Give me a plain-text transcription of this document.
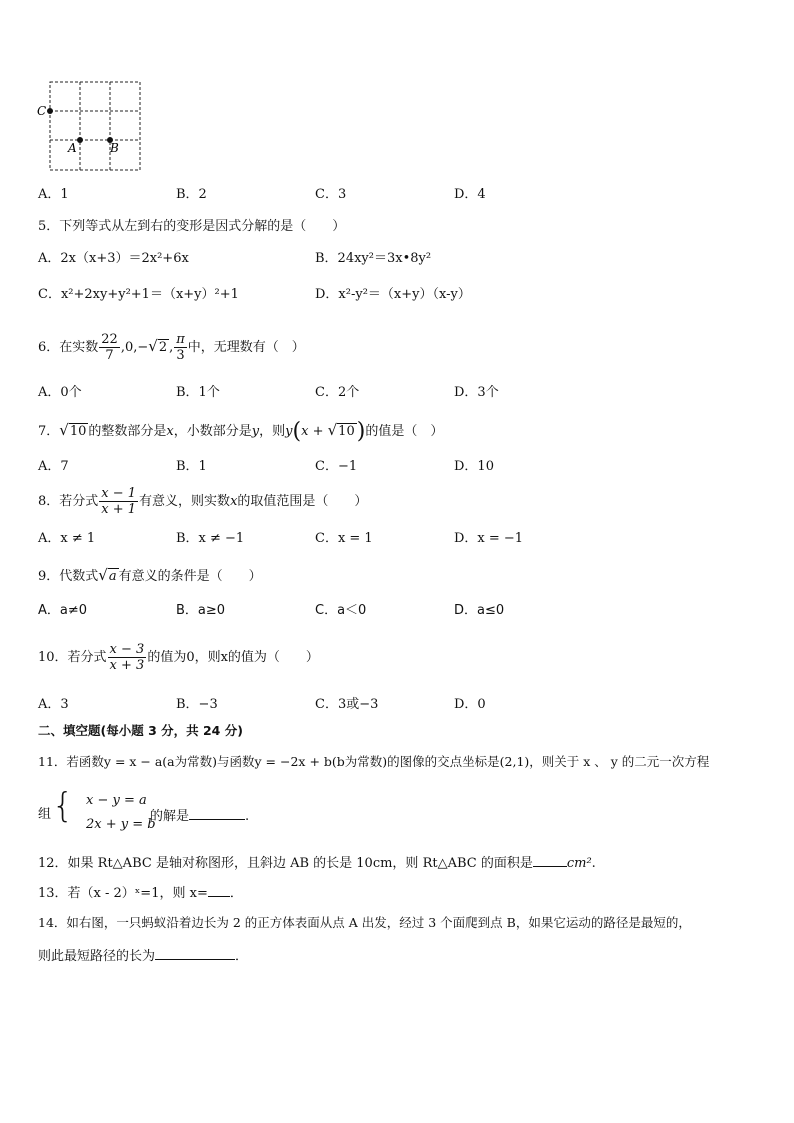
C
A	B
A．1	B．2	C．3	D．4
5．下列等式从左到右的变形是因式分解的是（　　）
A．2x（x+3）＝2x²+6x	B．24xy²＝3x•8y²
C．x²+2xy+y²+1＝（x+y）²+1	D．x²-y²＝（x+y）（x-y）
6．在实数 $\frac{22}{7} ,0,-√2$ , $\frac{\pi}{3}$ 中，无理数有（　）
A．0个	B．1个	C．2个	D．3个
7．√10 的整数部分是x，小数部分是y，则y(x + √10)的值是（　）
A．7	B．1	C．−1	D．10
8．若分式 $\frac{x - 1}{x + 1}$ 有意义，则实数x的取值范围是（　　）
A．x ≠ 1	B．x ≠ −1	C．x = 1	D．x = −1
9．代数式√a 有意义的条件是（　　）
A．a≠0	B．a≥0	C．a＜0	D．a≤0
10．若分式 $\frac{x - 3}{x + 3}$ 的值为0，则x的值为（　　）
A．3	B．−3	C．3或−3	D．0
二、填空题(每小题 3 分，共 24 分)
11．若函数y = x − a(a为常数)与函数y = −2x + b(b为常数)的图像的交点坐标是(2,1)，则关于 x 、 y 的二元一次方程
组 { x − y = a
2x + y = b
的解是	.
12．如果 Rt△ABC 是轴对称图形，且斜边 AB 的长是 10cm，则 Rt△ABC 的面积是	cm².
13．若（x - 2）ˣ=1，则 x= ．
14．如右图，一只蚂蚁沿着边长为 2 的正方体表面从点 A 出发，经过 3 个面爬到点 B，如果它运动的路径是最短的，
则此最短路径的长为	．
